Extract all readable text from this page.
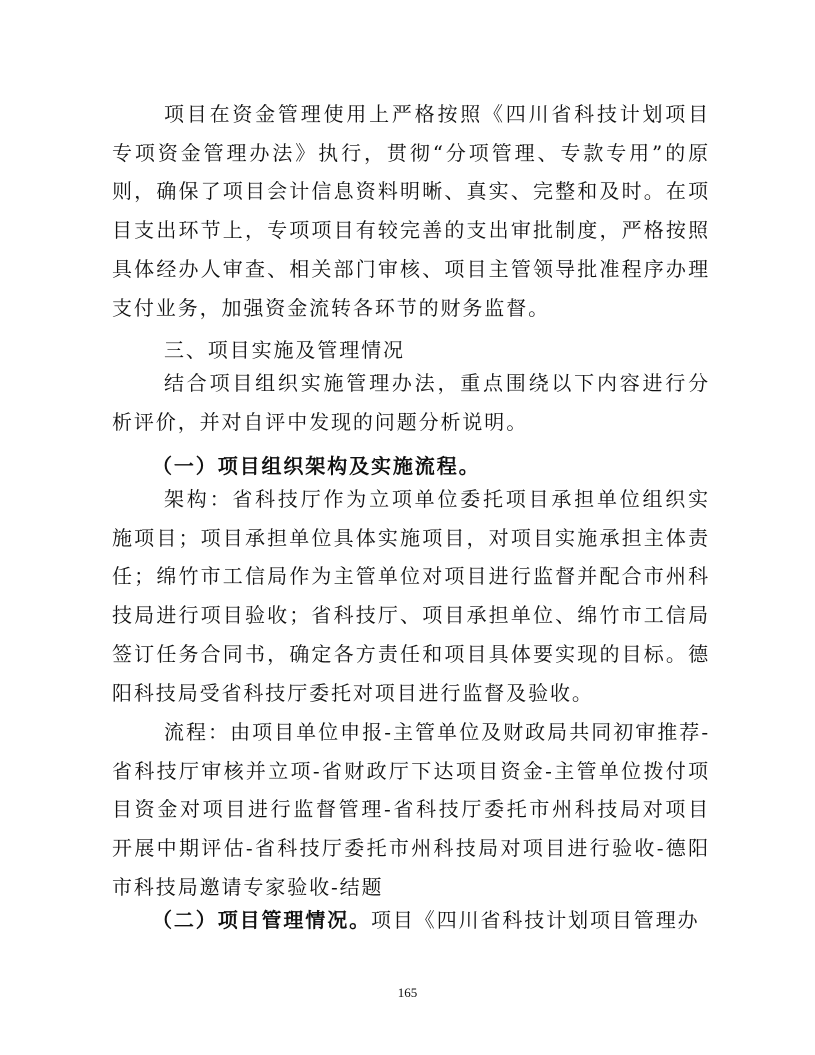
项目在资金管理使用上严格按照《四川省科技计划项目专项资金管理办法》执行，贯彻“分项管理、专款专用”的原则，确保了项目会计信息资料明晰、真实、完整和及时。在项目支出环节上，专项项目有较完善的支出审批制度，严格按照具体经办人审查、相关部门审核、项目主管领导批准程序办理支付业务，加强资金流转各环节的财务监督。

三、项目实施及管理情况

结合项目组织实施管理办法，重点围绕以下内容进行分析评价，并对自评中发现的问题分析说明。

（一）项目组织架构及实施流程。

架构：省科技厅作为立项单位委托项目承担单位组织实施项目；项目承担单位具体实施项目，对项目实施承担主体责任；绵竹市工信局作为主管单位对项目进行监督并配合市州科技局进行项目验收；省科技厅、项目承担单位、绵竹市工信局签订任务合同书，确定各方责任和项目具体要实现的目标。德阳科技局受省科技厅委托对项目进行监督及验收。

流程：由项目单位申报-主管单位及财政局共同初审推荐-省科技厅审核并立项-省财政厅下达项目资金-主管单位拨付项目资金对项目进行监督管理-省科技厅委托市州科技局对项目开展中期评估-省科技厅委托市州科技局对项目进行验收-德阳市科技局邀请专家验收-结题

（二）项目管理情况。项目《四川省科技计划项目管理办

165
